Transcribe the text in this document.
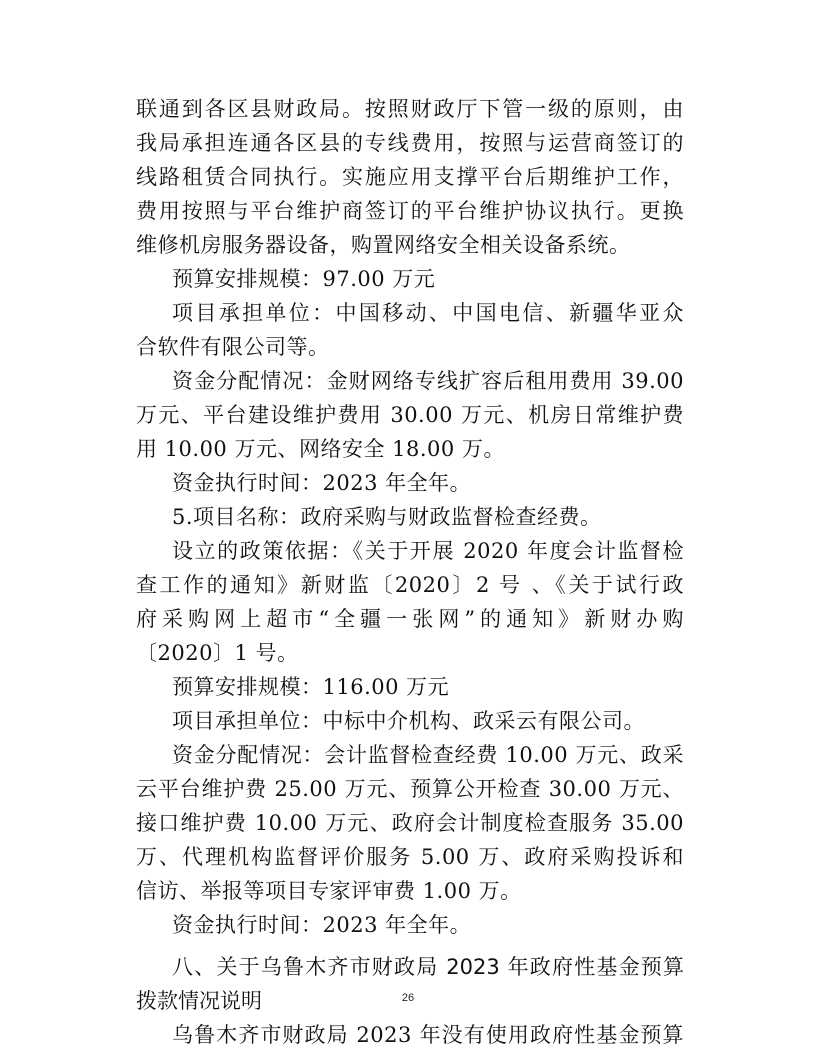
联通到各区县财政局。按照财政厅下管一级的原则，由
我局承担连通各区县的专线费用，按照与运营商签订的
线路租赁合同执行。实施应用支撑平台后期维护工作，
费用按照与平台维护商签订的平台维护协议执行。更换
维修机房服务器设备，购置网络安全相关设备系统。
预算安排规模：97.00 万元
项目承担单位：中国移动、中国电信、新疆华亚众
合软件有限公司等。
资金分配情况：金财网络专线扩容后租用费用 39.00
万元、平台建设维护费用 30.00 万元、机房日常维护费
用 10.00 万元、网络安全 18.00 万。
资金执行时间：2023 年全年。
5.项目名称：政府采购与财政监督检查经费。
设立的政策依据：《关于开展 2020 年度会计监督检
查工作的通知》新财监〔2020〕2 号 、《关于试行政
府采购网上超市“全疆一张网”的通知》新财办购
〔2020〕1 号。
预算安排规模：116.00 万元
项目承担单位：中标中介机构、政采云有限公司。
资金分配情况：会计监督检查经费 10.00 万元、政采
云平台维护费 25.00 万元、预算公开检查 30.00 万元、
接口维护费 10.00 万元、政府会计制度检查服务 35.00
万、代理机构监督评价服务 5.00 万、政府采购投诉和
信访、举报等项目专家评审费 1.00 万。
资金执行时间：2023 年全年。
八、关于乌鲁木齐市财政局 2023 年政府性基金预算
拨款情况说明
乌鲁木齐市财政局 2023 年没有使用政府性基金预算
26
